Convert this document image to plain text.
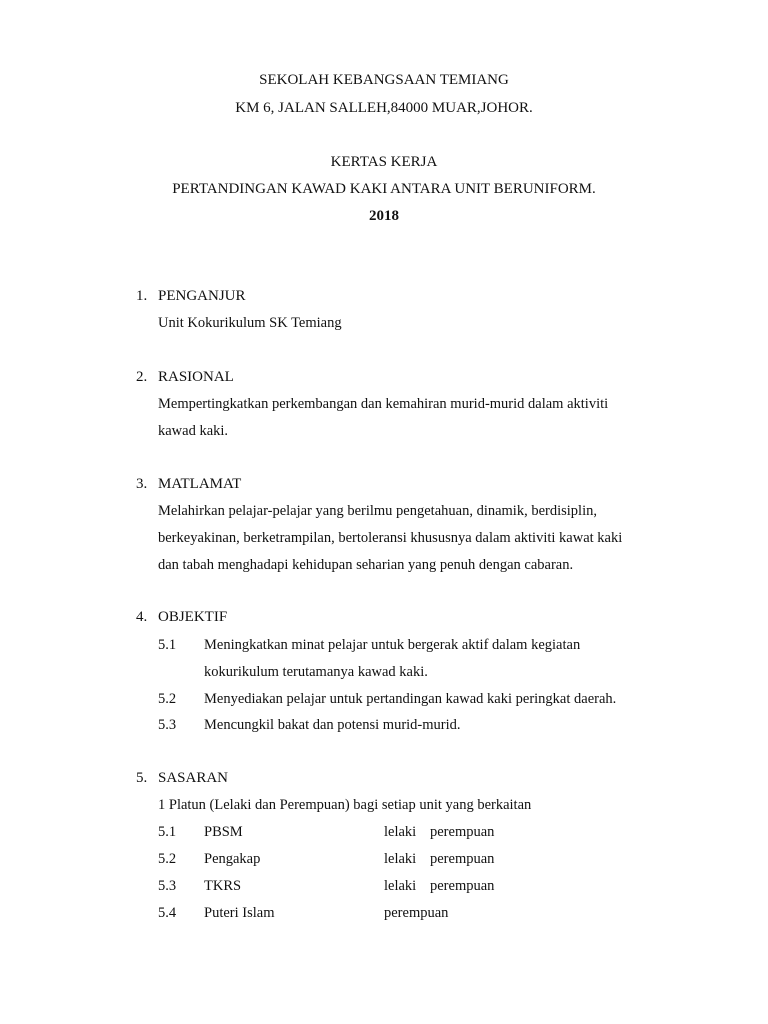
SEKOLAH KEBANGSAAN TEMIANG
KM 6, JALAN SALLEH,84000 MUAR,JOHOR.
KERTAS KERJA
PERTANDINGAN KAWAD KAKI ANTARA UNIT BERUNIFORM.
2018
1. PENGANJUR
Unit Kokurikulum SK Temiang
2. RASIONAL
Mempertingkatkan perkembangan dan kemahiran murid-murid dalam aktiviti
kawad kaki.
3. MATLAMAT
Melahirkan pelajar-pelajar yang berilmu pengetahuan, dinamik, berdisiplin,
berkeyakinan, berketrampilan, bertoleransi khususnya dalam aktiviti kawat kaki
dan tabah menghadapi kehidupan seharian yang penuh dengan cabaran.
4. OBJEKTIF
5.1 Meningkatkan minat pelajar untuk bergerak aktif dalam kegiatan
kokurikulum terutamanya kawad kaki.
5.2 Menyediakan pelajar untuk pertandingan kawad kaki peringkat daerah.
5.3 Mencungkil bakat dan potensi murid-murid.
5. SASARAN
1 Platun (Lelaki dan Perempuan) bagi setiap unit yang berkaitan
5.1 PBSM	lelaki perempuan
5.2 Pengakap	lelaki perempuan
5.3 TKRS	lelaki perempuan
5.4 Puteri Islam	perempuan
